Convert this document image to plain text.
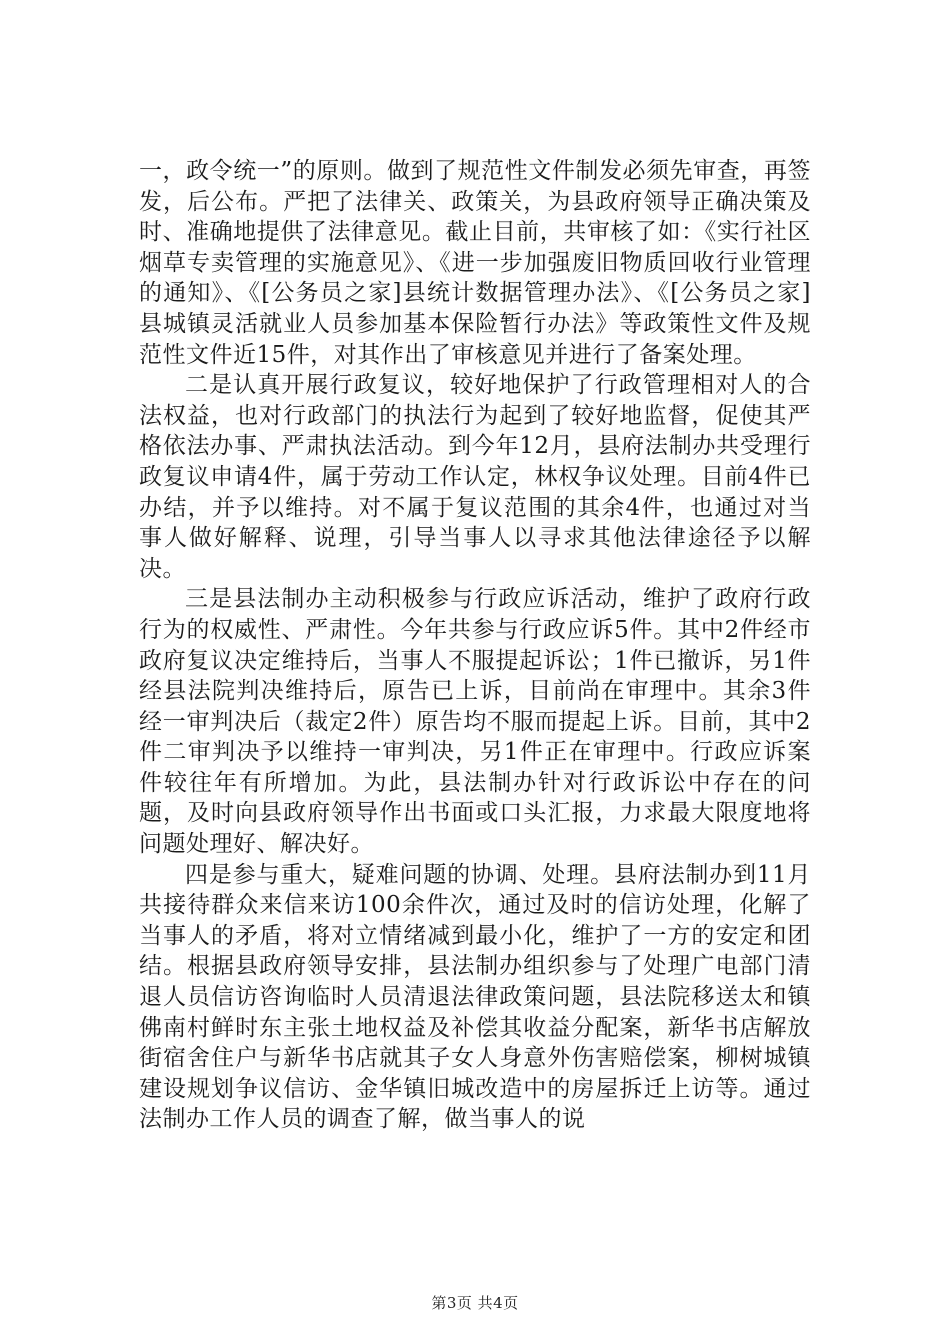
一，政令统一”的原则。做到了规范性文件制发必须先审查，再签发，后公布。严把了法律关、政策关，为县政府领导正确决策及时、准确地提供了法律意见。截止目前，共审核了如：《实行社区烟草专卖管理的实施意见》、《进一步加强废旧物质回收行业管理的通知》、《[公务员之家]县统计数据管理办法》、《[公务员之家]县城镇灵活就业人员参加基本保险暂行办法》等政策性文件及规范性文件近15件，对其作出了审核意见并进行了备案处理。

二是认真开展行政复议，较好地保护了行政管理相对人的合法权益，也对行政部门的执法行为起到了较好地监督，促使其严格依法办事、严肃执法活动。到今年12月，县府法制办共受理行政复议申请4件，属于劳动工作认定，林权争议处理。目前4件已办结，并予以维持。对不属于复议范围的其余4件，也通过对当事人做好解释、说理，引导当事人以寻求其他法律途径予以解决。

三是县法制办主动积极参与行政应诉活动，维护了政府行政行为的权威性、严肃性。今年共参与行政应诉5件。其中2件经市政府复议决定维持后，当事人不服提起诉讼；1件已撤诉，另1件经县法院判决维持后，原告已上诉，目前尚在审理中。其余3件经一审判决后（裁定2件）原告均不服而提起上诉。目前，其中2件二审判决予以维持一审判决，另1件正在审理中。行政应诉案件较往年有所增加。为此，县法制办针对行政诉讼中存在的问题，及时向县政府领导作出书面或口头汇报，力求最大限度地将问题处理好、解决好。

四是参与重大，疑难问题的协调、处理。县府法制办到11月共接待群众来信来访100余件次，通过及时的信访处理，化解了当事人的矛盾，将对立情绪减到最小化，维护了一方的安定和团结。根据县政府领导安排，县法制办组织参与了处理广电部门清退人员信访咨询临时人员清退法律政策问题，县法院移送太和镇佛南村鲜时东主张土地权益及补偿其收益分配案，新华书店解放街宿舍住户与新华书店就其子女人身意外伤害赔偿案，柳树城镇建设规划争议信访、金华镇旧城改造中的房屋拆迁上访等。通过法制办工作人员的调查了解，做当事人的说

第3页 共4页
